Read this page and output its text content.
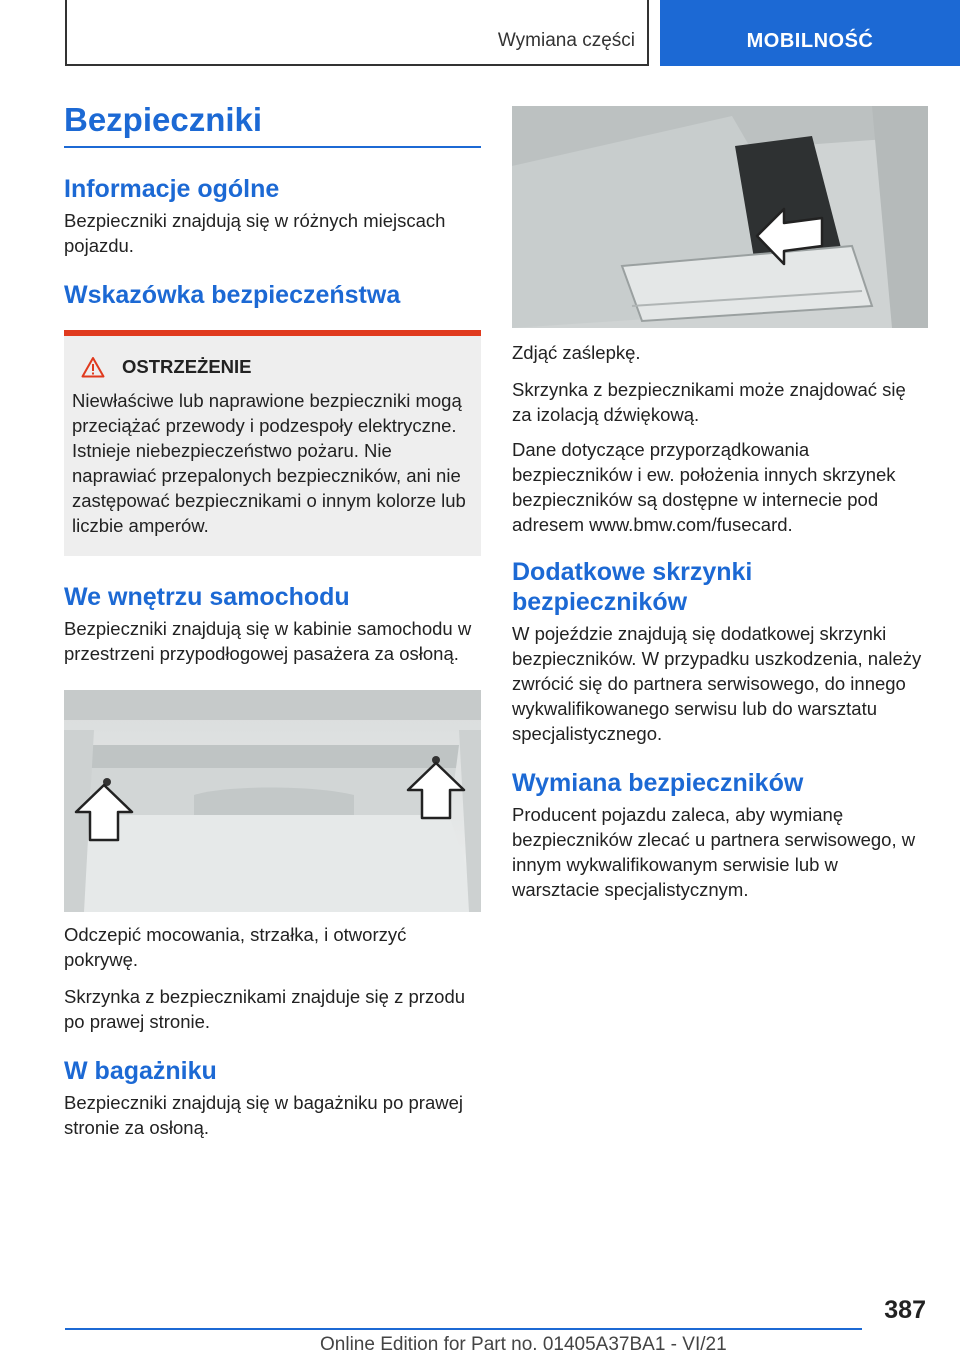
Wymiana części	MOBILNOŚĆ
Bezpieczniki
Informacje ogólne

Bezpieczniki znajdują się w różnych miejscach pojazdu.

Wskazówka bezpieczeństwa
OSTRZEŻENIE

Niewłaściwe lub naprawione bezpieczniki mogą przeciążać przewody i podzespoły elektryczne. Istnieje niebezpieczeństwo pożaru. Nie naprawiać przepalonych bezpieczników, ani nie zastępować bezpiecznikami o innym kolorze lub liczbie amperów.

We wnętrzu samochodu

Bezpieczniki znajdują się w kabinie samochodu w przestrzeni przypodłogowej pasażera za osłoną.

Odczepić mocowania, strzałka, i otworzyć pokrywę.

Skrzynka z bezpiecznikami znajduje się z przodu po prawej stronie.

W bagażniku

Bezpieczniki znajdują się w bagażniku po prawej stronie za osłoną.

Zdjąć zaślepkę.

Skrzynka z bezpiecznikami może znajdować się za izolacją dźwiękową.

Dane dotyczące przyporządkowania bezpieczników i ew. położenia innych skrzynek bezpieczników są dostępne w internecie pod adresem www.bmw.com/fusecard.

Dodatkowe skrzynki bezpieczników

W pojeździe znajdują się dodatkowej skrzynki bezpieczników. W przypadku uszkodzenia, należy zwrócić się do partnera serwisowego, do innego wykwalifikowanego serwisu lub do warsztatu specjalistycznego.

Wymiana bezpieczników

Producent pojazdu zaleca, aby wymianę bezpieczników zlecać u partnera serwisowego, w innym wykwalifikowanym serwisie lub w warsztacie specjalistycznym.

387
Online Edition for Part no. 01405A37BA1 - VI/21
